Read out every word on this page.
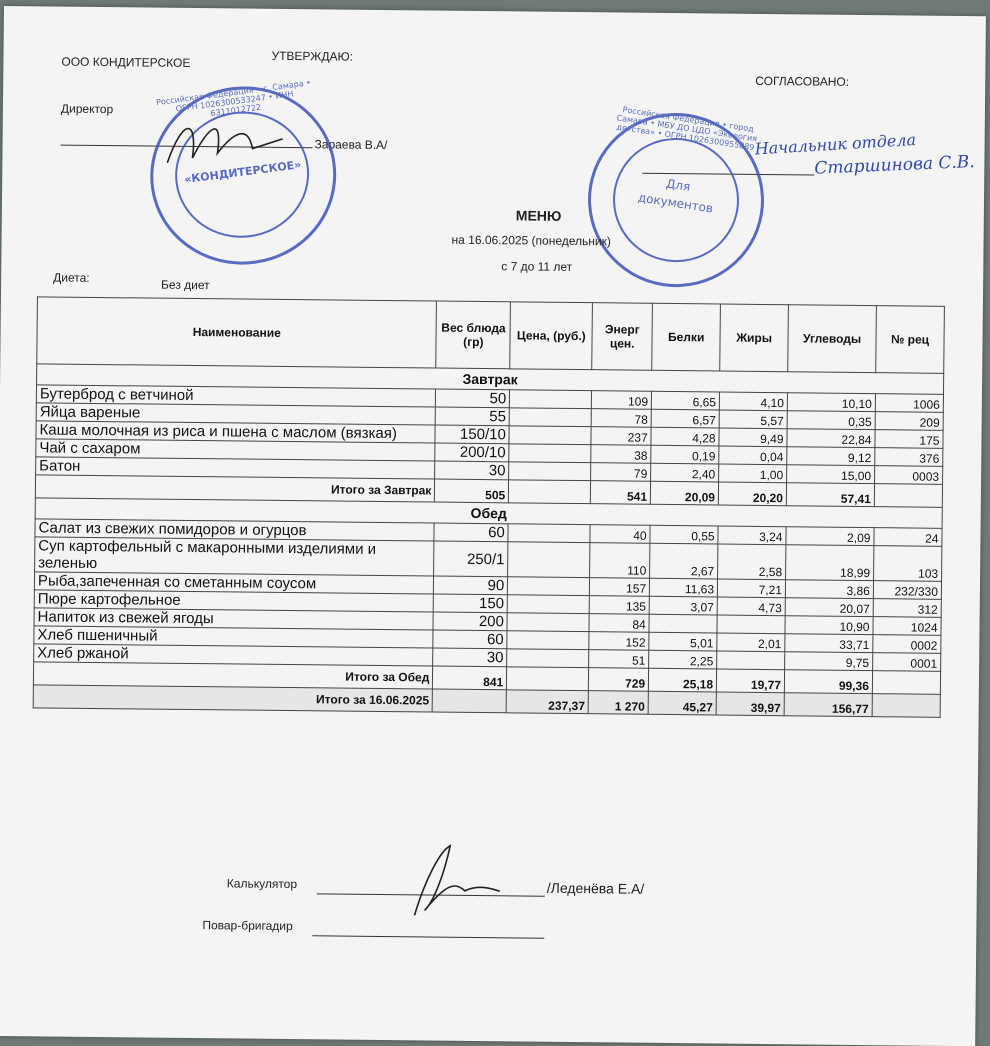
ООО КОНДИТЕРСКОЕ	УТВЕРЖДАЮ:
СОГЛАСОВАНО:
Директор
Зараева В.А/	Начальник отдела
Старшинова С.В.
Российская Федерация • г. Самара • ОГРН 1026300533247 • ИНН 6311012722
«КОНДИТЕРСКОЕ»
Российская Федерация • город Самара • МБУ ДО ЦДО «Экология детства» • ОГРН 1026300955889
Для
документов
МЕНЮ
на 16.06.2025 (понедельник)
с 7 до 11 лет
Диета:	Без диет
Наименование	Вес блюда (гр)	Цена, (руб.)	Энерг цен.	Белки	Жиры	Углеводы	№ рец
Завтрак							
Бутерброд с ветчиной	50		109	6,65	4,10	10,10	1006
Яйца вареные	55		78	6,57	5,57	0,35	209
Каша молочная из риса и пшена с маслом (вязкая)	150/10		237	4,28	9,49	22,84	175
Чай с сахаром	200/10		38	0,19	0,04	9,12	376
Батон	30		79	2,40	1,00	15,00	0003
Итого за Завтрак	505		541	20,09	20,20	57,41	
Обед							
Салат из свежих помидоров и огурцов	60		40	0,55	3,24	2,09	24
Суп картофельный с макаронными изделиями и зеленью	250/1		110	2,67	2,58	18,99	103
Рыба,запеченная со сметанным соусом	90		157	11,63	7,21	3,86	232/330
Пюре картофельное	150		135	3,07	4,73	20,07	312
Напиток из свежей ягоды	200		84			10,90	1024
Хлеб пшеничный	60		152	5,01	2,01	33,71	0002
Хлеб ржаной	30		51	2,25		9,75	0001
Итого за Обед	841		729	25,18	19,77	99,36	
Итого за 16.06.2025		237,37	1 270	45,27	39,97	156,77	
Калькулятор	/Леденёва Е.А/
Повар-бригадир
